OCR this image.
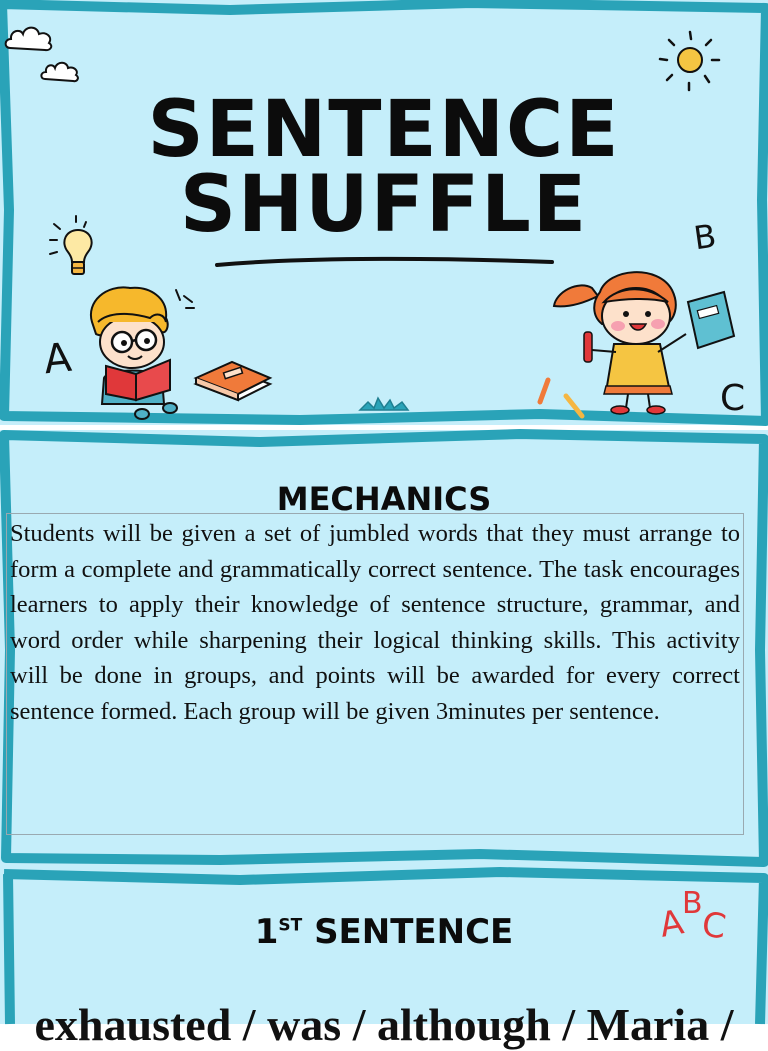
SENTENCE
SHUFFLE
A
B
C
MECHANICS

Students will be given a set of jumbled words that they must arrange to form a complete and grammatically correct sentence. The task encourages learners to apply their knowledge of sentence structure, grammar, and word order while sharpening their logical thinking skills. This activity will be done in groups, and points will be awarded for every correct sentence formed. Each group will be given 3minutes per sentence.

1ST SENTENCE	A
B
C
exhausted / was / although / Maria /
